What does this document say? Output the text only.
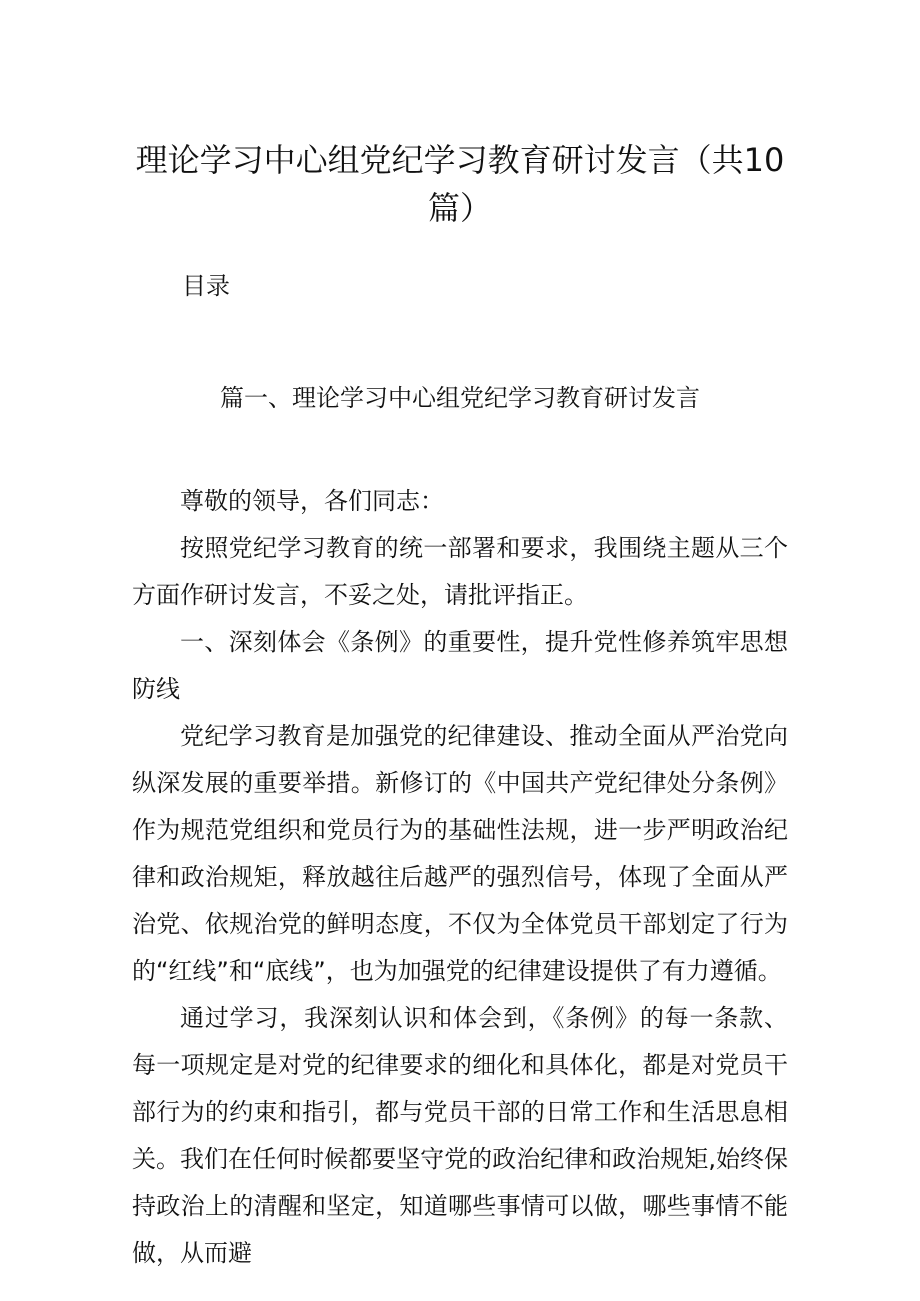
理论学习中心组党纪学习教育研讨发言（共10篇）
目录
篇一、理论学习中心组党纪学习教育研讨发言

尊敬的领导，各们同志：

按照党纪学习教育的统一部署和要求，我围绕主题从三个方面作研讨发言，不妥之处，请批评指正。

一、深刻体会《条例》的重要性，提升党性修养筑牢思想防线

党纪学习教育是加强党的纪律建设、推动全面从严治党向纵深发展的重要举措。新修订的《中国共产党纪律处分条例》作为规范党组织和党员行为的基础性法规，进一步严明政治纪律和政治规矩，释放越往后越严的强烈信号，体现了全面从严治党、依规治党的鲜明态度，不仅为全体党员干部划定了行为的“红线”和“底线”，也为加强党的纪律建设提供了有力遵循。

通过学习，我深刻认识和体会到，《条例》的每一条款、每一项规定是对党的纪律要求的细化和具体化，都是对党员干部行为的约束和指引，都与党员干部的日常工作和生活思息相关。我们在任何时候都要坚守党的政治纪律和政治规矩,始终保持政治上的清醒和坚定，知道哪些事情可以做，哪些事情不能做，从而避
